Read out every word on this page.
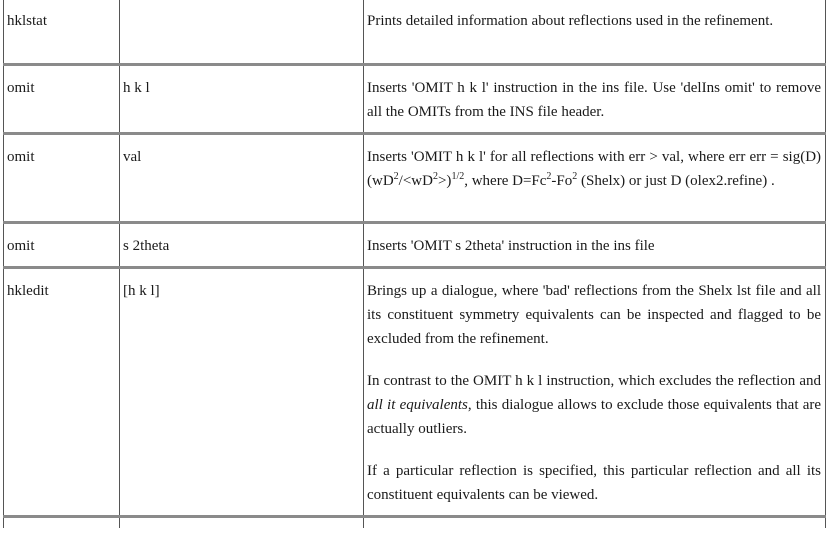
hklstat		Prints detailed information about reflections used in the refinement.
omit	h k l	Inserts 'OMIT h k l' instruction in the ins file. Use 'delIns omit' to remove all the OMITs from the INS file header.
omit	val	Inserts 'OMIT h k l' for all reflections with err > val, where err err = $sig(D)(wD^2/<wD^2>)^{1/2}$, where $D=Fc^2-Fo^2$ (Shelx) or just D (olex2.refine) .
omit	s 2theta	Inserts 'OMIT s 2theta' instruction in the ins file
hkledit	[h k l]	Brings up a dialogue, where 'bad' reflections from the Shelx lst file and all its constituent symmetry equivalents can be inspected and flagged to be excluded from the refinement.

In contrast to the OMIT h k l instruction, which excludes the reflection and all it equivalents, this dialogue allows to exclude those equivalents that are actually outliers.

If a particular reflection is specified, this particular reflection and all its constituent equivalents can be viewed.
